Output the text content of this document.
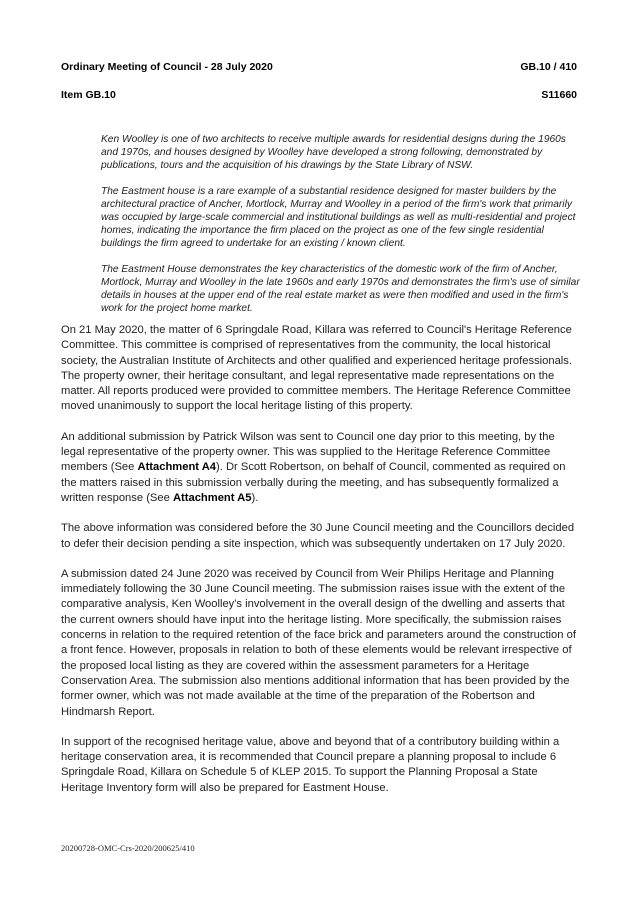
Ordinary Meeting of Council - 28 July 2020	GB.10 / 410
Item GB.10	S11660

Ken Woolley is one of two architects to receive multiple awards for residential designs during the 1960s and 1970s, and houses designed by Woolley have developed a strong following, demonstrated by publications, tours and the acquisition of his drawings by the State Library of NSW.

The Eastment house is a rare example of a substantial residence designed for master builders by the architectural practice of Ancher, Mortlock, Murray and Woolley in a period of the firm's work that primarily was occupied by large-scale commercial and institutional buildings as well as multi-residential and project homes, indicating the importance the firm placed on the project as one of the few single residential buildings the firm agreed to undertake for an existing / known client.

The Eastment House demonstrates the key characteristics of the domestic work of the firm of Ancher, Mortlock, Murray and Woolley in the late 1960s and early 1970s and demonstrates the firm's use of similar details in houses at the upper end of the real estate market as were then modified and used in the firm's work for the project home market.

On 21 May 2020, the matter of 6 Springdale Road, Killara was referred to Council's Heritage Reference Committee. This committee is comprised of representatives from the community, the local historical society, the Australian Institute of Architects and other qualified and experienced heritage professionals. The property owner, their heritage consultant, and legal representative made representations on the matter. All reports produced were provided to committee members. The Heritage Reference Committee moved unanimously to support the local heritage listing of this property.

An additional submission by Patrick Wilson was sent to Council one day prior to this meeting, by the legal representative of the property owner. This was supplied to the Heritage Reference Committee members (See Attachment A4). Dr Scott Robertson, on behalf of Council, commented as required on the matters raised in this submission verbally during the meeting, and has subsequently formalized a written response (See Attachment A5).

The above information was considered before the 30 June Council meeting and the Councillors decided to defer their decision pending a site inspection, which was subsequently undertaken on 17 July 2020.

A submission dated 24 June 2020 was received by Council from Weir Philips Heritage and Planning immediately following the 30 June Council meeting. The submission raises issue with the extent of the comparative analysis, Ken Woolley's involvement in the overall design of the dwelling and asserts that the current owners should have input into the heritage listing. More specifically, the submission raises concerns in relation to the required retention of the face brick and parameters around the construction of a front fence. However, proposals in relation to both of these elements would be relevant irrespective of the proposed local listing as they are covered within the assessment parameters for a Heritage Conservation Area. The submission also mentions additional information that has been provided by the former owner, which was not made available at the time of the preparation of the Robertson and Hindmarsh Report.

In support of the recognised heritage value, above and beyond that of a contributory building within a heritage conservation area, it is recommended that Council prepare a planning proposal to include 6 Springdale Road, Killara on Schedule 5 of KLEP 2015. To support the Planning Proposal a State Heritage Inventory form will also be prepared for Eastment House.

20200728-OMC-Crs-2020/200625/410
